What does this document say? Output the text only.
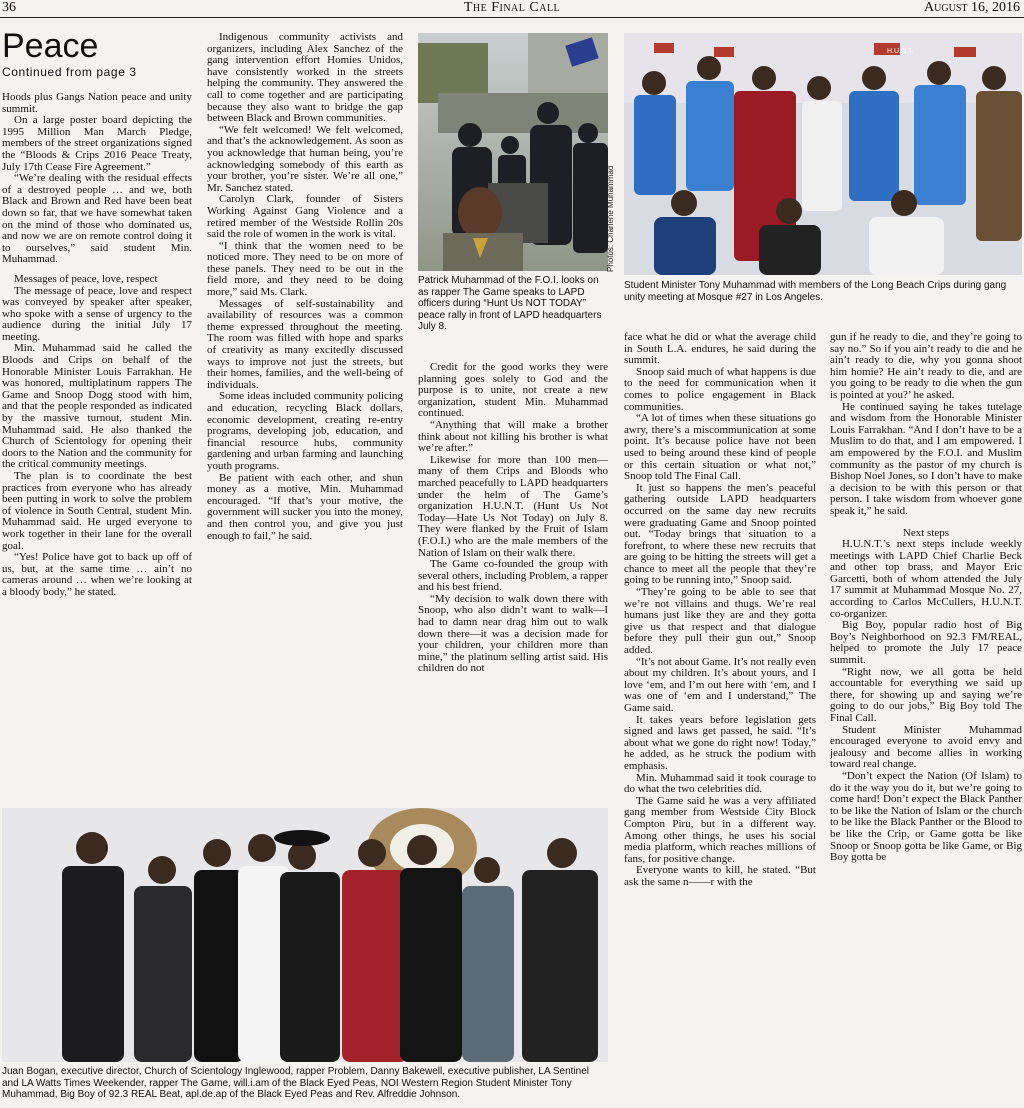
36	The Final Call	August 16, 2016
Peace
Continued from page 3

Hoods plus Gangs Nation peace and unity summit.

On a large poster board depicting the 1995 Million Man March Pledge, members of the street organizations signed the “Bloods & Crips 2016 Peace Treaty, July 17th Cease Fire Agreement.”

“We’re dealing with the residual effects of a destroyed people … and we, both Black and Brown and Red have been beat down so far, that we have somewhat taken on the mind of those who dominated us, and now we are on remote control doing it to ourselves,” said student Min. Muhammad.

Messages of peace, love, respect

The message of peace, love and respect was conveyed by speaker after speaker, who spoke with a sense of urgency to the audience during the initial July 17 meeting.

Min. Muhammad said he called the Bloods and Crips on behalf of the Honorable Minister Louis Farrakhan. He was honored, multiplatinum rappers The Game and Snoop Dogg stood with him, and that the people responded as indicated by the massive turnout, student Min. Muhammad said. He also thanked the Church of Scientology for opening their doors to the Nation and the community for the critical community meetings.

The plan is to coordinate the best practices from everyone who has already been putting in work to solve the problem of violence in South Central, student Min. Muhammad said. He urged everyone to work together in their lane for the overall goal.

“Yes! Police have got to back up off of us, but, at the same time … ain’t no cameras around … when we’re looking at a bloody body,” he stated.

Indigenous community activists and organizers, including Alex Sanchez of the gang intervention effort Homies Unidos, have consistently worked in the streets helping the community. They answered the call to come together and are participating because they also want to bridge the gap between Black and Brown communities.

“We felt welcomed! We felt welcomed, and that’s the acknowledgement. As soon as you acknowledge that human being, you’re acknowledging somebody of this earth as your brother, you’re sister. We’re all one,” Mr. Sanchez stated.

Carolyn Clark, founder of Sisters Working Against Gang Violence and a retired member of the Westside Rollin 20s said the role of women in the work is vital.

“I think that the women need to be noticed more. They need to be on more of these panels. They need to be out in the field more, and they need to be doing more,” said Ms. Clark.

Messages of self-sustainability and availability of resources was a common theme expressed throughout the meeting. The room was filled with hope and sparks of creativity as many excitedly discussed ways to improve not just the streets, but their homes, families, and the well-being of individuals.

Some ideas included community policing and education, recycling Black dollars, economic development, creating re-entry programs, developing job, education, and financial resource hubs, community gardening and urban farming and launching youth programs.

Be patient with each other, and shun money as a motive, Min. Muhammad encouraged. “If that’s your motive, the government will sucker you into the money, and then control you, and give you just enough to fail,” he said.

Credit for the good works they were planning goes solely to God and the purpose is to unite, not create a new organization, student Min. Muhammad continued.

“Anything that will make a brother think about not killing his brother is what we’re after.”

Likewise for more than 100 men—many of them Crips and Bloods who marched peacefully to LAPD headquarters under the helm of The Game’s organization H.U.N.T. (Hunt Us Not Today—Hate Us Not Today) on July 8. They were flanked by the Fruit of Islam (F.O.I.) who are the male members of the Nation of Islam on their walk there.

The Game co-founded the group with several others, including Problem, a rapper and his best friend.

“My decision to walk down there with Snoop, who also didn’t want to walk—I had to damn near drag him out to walk down there—it was a decision made for your children, your children more than mine,” the platinum selling artist said. His children do not

face what he did or what the average child in South L.A. endures, he said during the summit.

Snoop said much of what happens is due to the need for communication when it comes to police engagement in Black communities.

“A lot of times when these situations go awry, there’s a miscommunication at some point. It’s because police have not been used to being around these kind of people or this certain situation or what not,” Snoop told The Final Call.

It just so happens the men’s peaceful gathering outside LAPD headquarters occurred on the same day new recruits were graduating Game and Snoop pointed out. “Today brings that situation to a forefront, to where these new recruits that are going to be hitting the streets will get a chance to meet all the people that they’re going to be running into,” Snoop said.

“They’re going to be able to see that we’re not villains and thugs. We’re real humans just like they are and they gotta give us that respect and that dialogue before they pull their gun out,” Snoop added.

“It’s not about Game. It’s not really even about my children. It’s about yours, and I love ‘em, and I’m out here with ‘em, and I was one of ‘em and I understand,” The Game said.

It takes years before legislation gets signed and laws get passed, he said. “It’s about what we gone do right now! Today,” he added, as he struck the podium with emphasis.

Min. Muhammad said it took courage to do what the two celebrities did.

The Game said he was a very affiliated gang member from Westside City Block Compton Piru, but in a different way. Among other things, he uses his social media platform, which reaches millions of fans, for positive change.

Everyone wants to kill, he stated. “But ask the same n——r with the

gun if he ready to die, and they’re going to say no.” So if you ain’t ready to die and he ain’t ready to die, why you gonna shoot him homie? He ain’t ready to die, and are you going to be ready to die when the gun is pointed at you?’ he asked.

He continued saying he takes tutelage and wisdom from the Honorable Minister Louis Farrakhan. “And I don’t have to be a Muslim to do that, and I am empowered. I am empowered by the F.O.I. and Muslim community as the pastor of my church is Bishop Noel Jones, so I don’t have to make a decision to be with this person or that person. I take wisdom from whoever gone speak it,” he said.

Next steps

H.U.N.T.’s next steps include weekly meetings with LAPD Chief Charlie Beck and other top brass, and Mayor Eric Garcetti, both of whom attended the July 17 summit at Muhammad Mosque No. 27, according to Carlos McCullers, H.U.N.T. co-organizer.

Big Boy, popular radio host of Big Boy’s Neighborhood on 92.3 FM/REAL, helped to promote the July 17 peace summit.

“Right now, we all gotta be held accountable for everything we said up there, for showing up and saying we’re going to do our jobs,” Big Boy told The Final Call.

Student Minister Muhammad encouraged everyone to avoid envy and jealousy and become allies in working toward real change.

“Don’t expect the Nation (Of Islam) to do it the way you do it, but we’re going to come hard! Don’t expect the Black Panther to be like the Nation of Islam or the church to be like the Black Panther or the Blood to be like the Crip, or Game gotta be like Snoop or Snoop gotta be like Game, or Big Boy gotta be

Photos: Charlene Muhammad
Patrick Muhammad of the F.O.I. looks on as rapper The Game speaks to LAPD officers during “Hunt Us NOT TODAY” peace rally in front of LAPD headquarters July 8.
H.U.N.T.
Student Minister Tony Muhammad with members of the Long Beach Crips during gang unity meeting at Mosque #27 in Los Angeles.
Juan Bogan, executive director, Church of Scientology Inglewood, rapper Problem, Danny Bakewell, executive publisher, LA Sentinel and LA Watts Times Weekender, rapper The Game, will.i.am of the Black Eyed Peas, NOI Western Region Student Minister Tony Muhammad, Big Boy of 92.3 REAL Beat, apl.de.ap of the Black Eyed Peas and Rev. Alfreddie Johnson.
